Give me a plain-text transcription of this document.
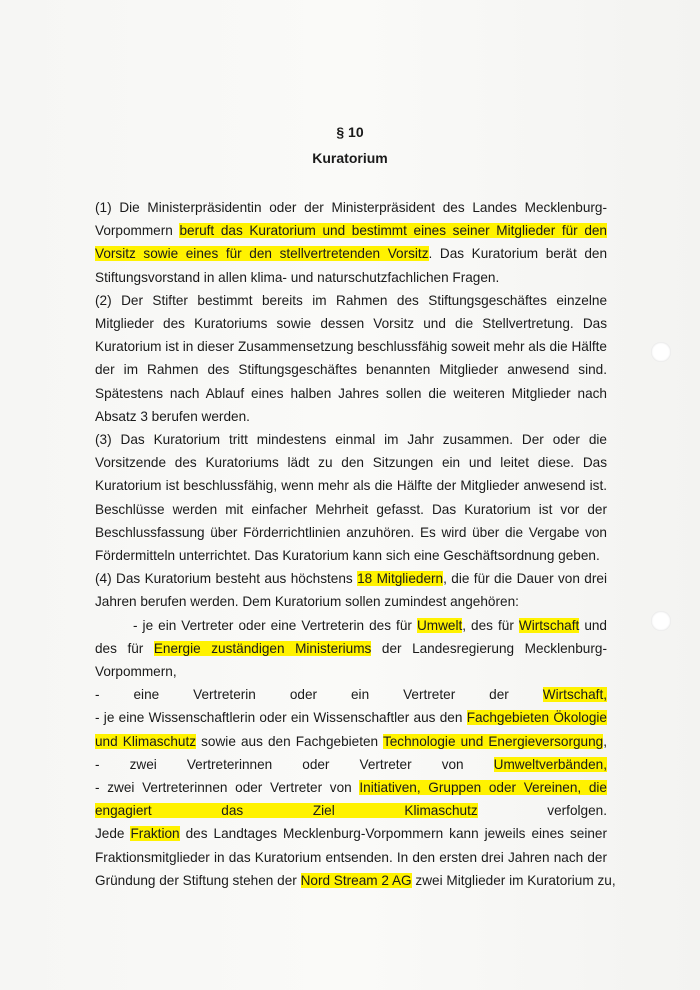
§ 10
Kuratorium
(1) Die Ministerpräsidentin oder der Ministerpräsident des Landes Mecklenburg-
Vorpommern beruft das Kuratorium und bestimmt eines seiner Mitglieder für den
Vorsitz sowie eines für den stellvertretenden Vorsitz. Das Kuratorium berät den
Stiftungsvorstand in allen klima- und naturschutzfachlichen Fragen.
(2) Der Stifter bestimmt bereits im Rahmen des Stiftungsgeschäftes einzelne
Mitglieder des Kuratoriums sowie dessen Vorsitz und die Stellvertretung. Das
Kuratorium ist in dieser Zusammensetzung beschlussfähig soweit mehr als die Hälfte
der im Rahmen des Stiftungsgeschäftes benannten Mitglieder anwesend sind.
Spätestens nach Ablauf eines halben Jahres sollen die weiteren Mitglieder nach
Absatz 3 berufen werden.
(3) Das Kuratorium tritt mindestens einmal im Jahr zusammen. Der oder die
Vorsitzende des Kuratoriums lädt zu den Sitzungen ein und leitet diese. Das
Kuratorium ist beschlussfähig, wenn mehr als die Hälfte der Mitglieder anwesend ist.
Beschlüsse werden mit einfacher Mehrheit gefasst. Das Kuratorium ist vor der
Beschlussfassung über Förderrichtlinien anzuhören. Es wird über die Vergabe von
Fördermitteln unterrichtet. Das Kuratorium kann sich eine Geschäftsordnung geben.
(4) Das Kuratorium besteht aus höchstens 18 Mitgliedern, die für die Dauer von drei
Jahren berufen werden. Dem Kuratorium sollen zumindest angehören:
- je ein Vertreter oder eine Vertreterin des für Umwelt, des für Wirtschaft und
des für Energie zuständigen Ministeriums der Landesregierung Mecklenburg-
Vorpommern,
- eine Vertreterin oder ein Vertreter der Wirtschaft,
- je eine Wissenschaftlerin oder ein Wissenschaftler aus den Fachgebieten Ökologie
und Klimaschutz sowie aus den Fachgebieten Technologie und Energieversorgung,
- zwei Vertreterinnen oder Vertreter von Umweltverbänden,
- zwei Vertreterinnen oder Vertreter von Initiativen, Gruppen oder Vereinen, die
engagiert das Ziel Klimaschutz verfolgen.
Jede Fraktion des Landtages Mecklenburg-Vorpommern kann jeweils eines seiner
Fraktionsmitglieder in das Kuratorium entsenden. In den ersten drei Jahren nach der
Gründung der Stiftung stehen der Nord Stream 2 AG zwei Mitglieder im Kuratorium zu,
